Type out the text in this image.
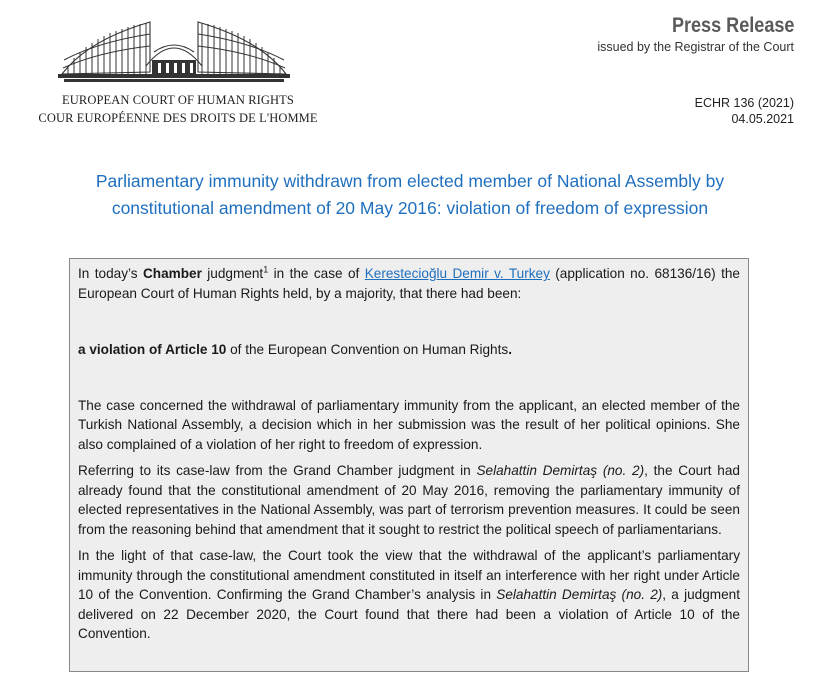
EUROPEAN COURT OF HUMAN RIGHTS
COUR EUROPÉENNE DES DROITS DE L'HOMME
Press Release
issued by the Registrar of the Court
ECHR 136 (2021)
04.05.2021
Parliamentary immunity withdrawn from elected member of National Assembly by constitutional amendment of 20 May 2016: violation of freedom of expression

In today’s Chamber judgment$^1$ in the case of Kerestecioğlu Demir v. Turkey (application no. 68136/16) the European Court of Human Rights held, by a majority, that there had been:

a violation of Article 10 of the European Convention on Human Rights.

The case concerned the withdrawal of parliamentary immunity from the applicant, an elected member of the Turkish National Assembly, a decision which in her submission was the result of her political opinions. She also complained of a violation of her right to freedom of expression.

Referring to its case-law from the Grand Chamber judgment in Selahattin Demirtaş (no. 2), the Court had already found that the constitutional amendment of 20 May 2016, removing the parliamentary immunity of elected representatives in the National Assembly, was part of terrorism prevention measures. It could be seen from the reasoning behind that amendment that it sought to restrict the political speech of parliamentarians.

In the light of that case-law, the Court took the view that the withdrawal of the applicant’s parliamentary immunity through the constitutional amendment constituted in itself an interference with her right under Article 10 of the Convention. Confirming the Grand Chamber’s analysis in Selahattin Demirtaş (no. 2), a judgment delivered on 22 December 2020, the Court found that there had been a violation of Article 10 of the Convention.
